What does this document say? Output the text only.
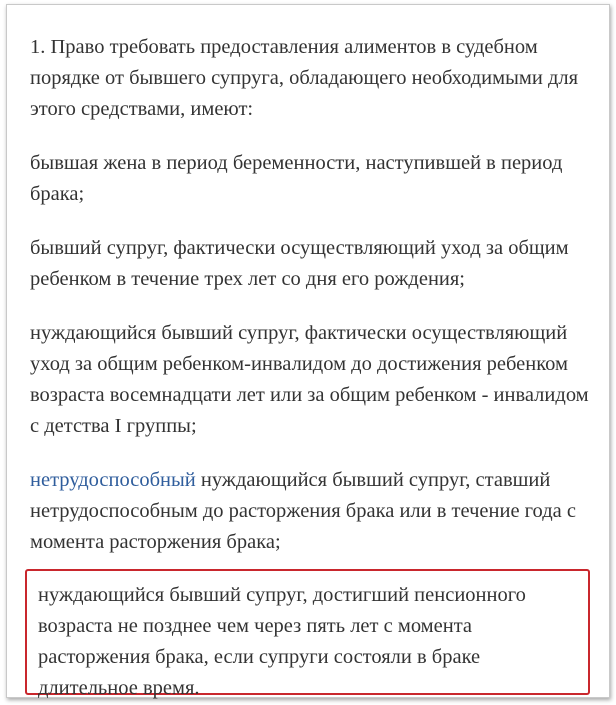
1. Право требовать предоставления алиментов в судебном порядке от бывшего супруга, обладающего необходимыми для этого средствами, имеют:

бывшая жена в период беременности, наступившей в период брака;

бывший супруг, фактически осуществляющий уход за общим ребенком в течение трех лет со дня его рождения;

нуждающийся бывший супруг, фактически осуществляющий уход за общим ребенком-инвалидом до достижения ребенком возраста восемнадцати лет или за общим ребенком - инвалидом с детства I группы;

нетрудоспособный нуждающийся бывший супруг, ставший нетрудоспособным до расторжения брака или в течение года с момента расторжения брака;

нуждающийся бывший супруг, достигший пенсионного возраста не позднее чем через пять лет с момента расторжения брака, если супруги состояли в браке длительное время.
